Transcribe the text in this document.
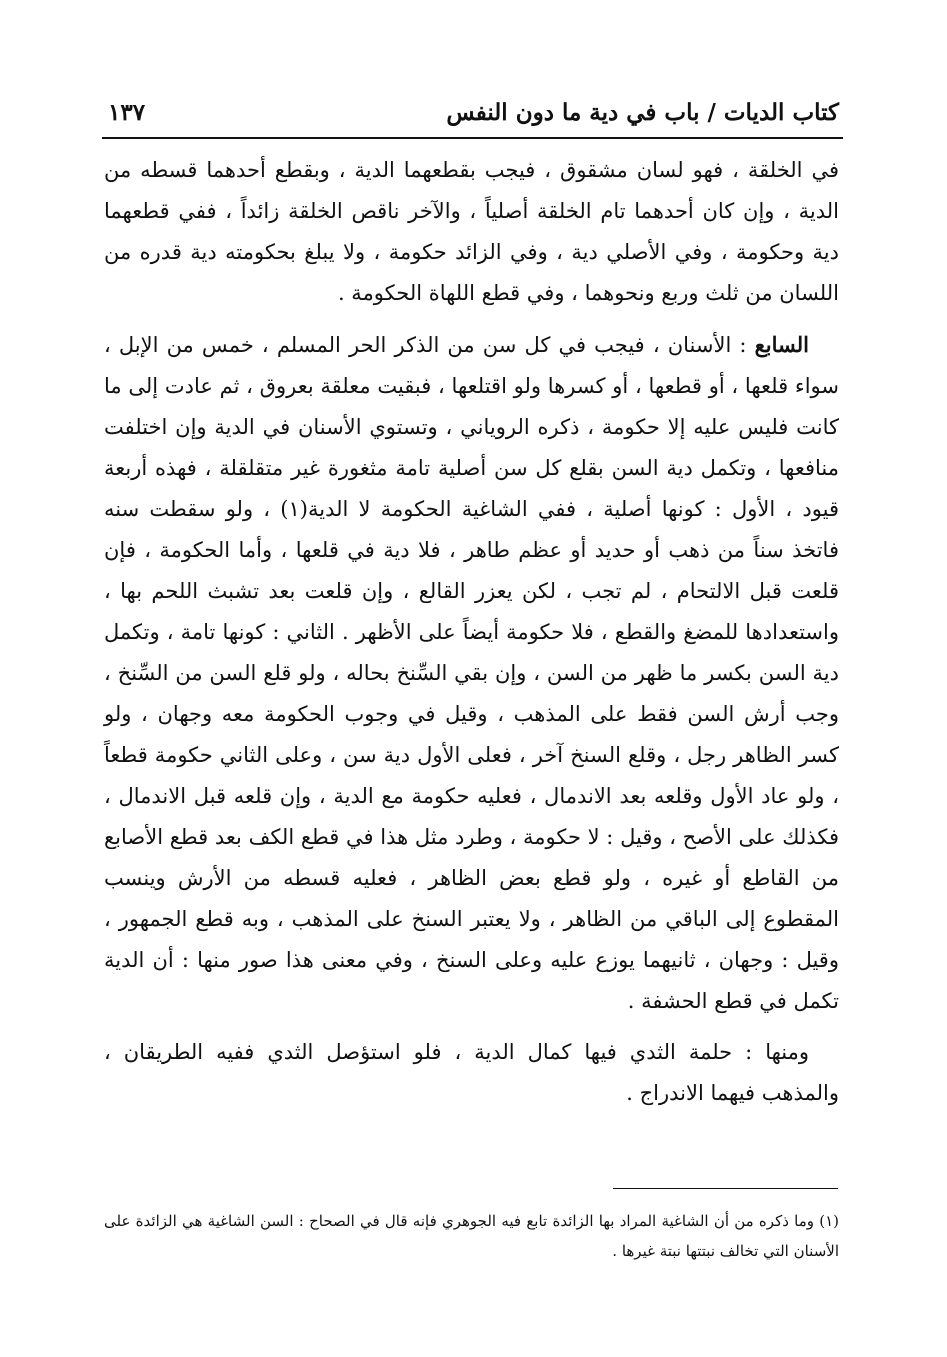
كتاب الديات / باب في دية ما دون النفس
١٣٧

في الخلقة ، فهو لسان مشقوق ، فيجب بقطعهما الدية ، وبقطع أحدهما قسطه من الدية ، وإن كان أحدهما تام الخلقة أصلياً ، والآخر ناقص الخلقة زائداً ، ففي قطعهما دية وحكومة ، وفي الأصلي دية ، وفي الزائد حكومة ، ولا يبلغ بحكومته دية قدره من اللسان من ثلث وربع ونحوهما ، وفي قطع اللهاة الحكومة .

السابع : الأسنان ، فيجب في كل سن من الذكر الحر المسلم ، خمس من الإبل ، سواء قلعها ، أو قطعها ، أو كسرها ولو اقتلعها ، فبقيت معلقة بعروق ، ثم عادت إلى ما كانت فليس عليه إلا حكومة ، ذكره الروياني ، وتستوي الأسنان في الدية وإن اختلفت منافعها ، وتكمل دية السن بقلع كل سن أصلية تامة مثغورة غير متقلقلة ، فهذه أربعة قيود ، الأول : كونها أصلية ، ففي الشاغية الحكومة لا الدية(١) ، ولو سقطت سنه فاتخذ سناً من ذهب أو حديد أو عظم طاهر ، فلا دية في قلعها ، وأما الحكومة ، فإن قلعت قبل الالتحام ، لم تجب ، لكن يعزر القالع ، وإن قلعت بعد تشبث اللحم بها ، واستعدادها للمضغ والقطع ، فلا حكومة أيضاً على الأظهر . الثاني : كونها تامة ، وتكمل دية السن بكسر ما ظهر من السن ، وإن بقي السِّنخ بحاله ، ولو قلع السن من السِّنخ ، وجب أرش السن فقط على المذهب ، وقيل في وجوب الحكومة معه وجهان ، ولو كسر الظاهر رجل ، وقلع السنخ آخر ، فعلى الأول دية سن ، وعلى الثاني حكومة قطعاً ، ولو عاد الأول وقلعه بعد الاندمال ، فعليه حكومة مع الدية ، وإن قلعه قبل الاندمال ، فكذلك على الأصح ، وقيل : لا حكومة ، وطرد مثل هذا في قطع الكف بعد قطع الأصابع من القاطع أو غيره ، ولو قطع بعض الظاهر ، فعليه قسطه من الأرش وينسب المقطوع إلى الباقي من الظاهر ، ولا يعتبر السنخ على المذهب ، وبه قطع الجمهور ، وقيل : وجهان ، ثانيهما يوزع عليه وعلى السنخ ، وفي معنى هذا صور منها : أن الدية تكمل في قطع الحشفة .

ومنها : حلمة الثدي فيها كمال الدية ، فلو استؤصل الثدي ففيه الطريقان ، والمذهب فيهما الاندراج .

(١) وما ذكره من أن الشاغية المراد بها الزائدة تابع فيه الجوهري فإنه قال في الصحاح : السن الشاغية هي الزائدة على الأسنان التي تخالف نبتتها نبتة غيرها .
